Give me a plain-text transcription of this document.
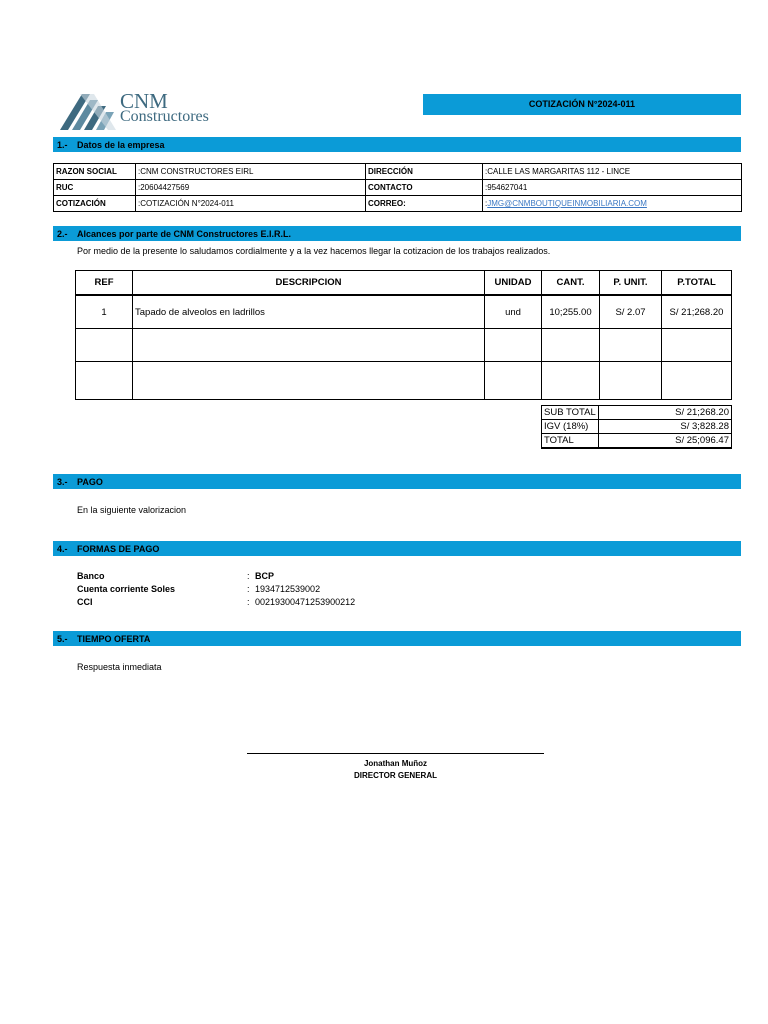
CNM
Constructores
COTIZACIÓN N°2024-011
1.- Datos de la empresa
RAZON SOCIAL	:CNM CONSTRUCTORES EIRL	DIRECCIÓN	:CALLE LAS MARGARITAS 112 - LINCE
RUC	:20604427569	CONTACTO	:954627041
COTIZACIÓN	:COTIZACIÓN N°2024-011	CORREO:	:JMG@CNMBOUTIQUEINMOBILIARIA.COM
2.- Alcances por parte de CNM Constructores E.I.R.L.
Por medio de la presente lo saludamos cordialmente y a la vez hacemos llegar la cotizacion de los trabajos realizados.
REF	DESCRIPCION	UNIDAD	CANT.	P. UNIT.	P.TOTAL
1	Tapado de alveolos en ladrillos	und	10;255.00	S/ 2.07	S/ 21;268.20

SUB TOTAL	S/ 21;268.20
IGV (18%)	S/ 3;828.28
TOTAL	S/ 25;096.47
3.- PAGO
En la siguiente valorizacion
4.- FORMAS DE PAGO
Banco	: BCP
Cuenta corriente Soles	: 1934712539002
CCI	: 00219300471253900212
5.- TIEMPO OFERTA
Respuesta inmediata
Jonathan Muñoz
DIRECTOR GENERAL
